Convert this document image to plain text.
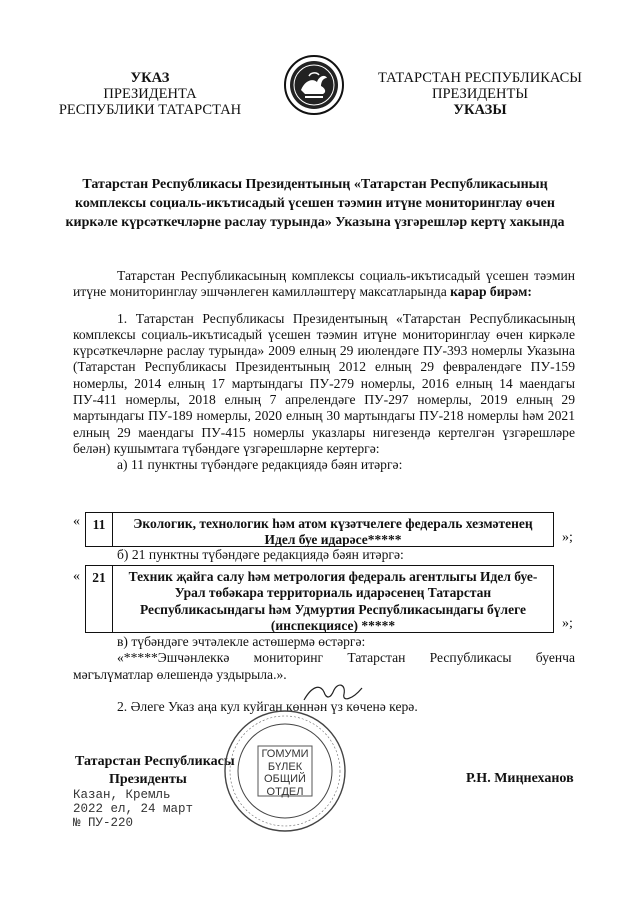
УКАЗ
ПРЕЗИДЕНТА
РЕСПУБЛИКИ ТАТАРСТАН
ТАТАРСТАН РЕСПУБЛИКАСЫ
ПРЕЗИДЕНТЫ
УКАЗЫ
Татарстан Республикасы Президентының «Татарстан Республикасының комплексы социаль-икътисадый үсешен тәэмин итүне мониторинглау өчен киркәле күрсәткечләрне раслау турында» Указына үзгәрешләр кертү хакында

Татарстан Республикасының комплексы социаль-икътисадый үсешен тәэмин итүне мониторинглау эшчәнлеген камилләштерү максатларында карар бирәм:

1. Татарстан Республикасы Президентының «Татарстан Республикасының комплексы социаль-икътисадый үсешен тәэмин итүне мониторинглау өчен киркәле күрсәткечләрне раслау турында» 2009 елның 29 июлендәге ПУ-393 номерлы Указына (Татарстан Республикасы Президентының 2012 елның 29 февралендәге ПУ-159 номерлы, 2014 елның 17 мартындагы ПУ-279 номерлы, 2016 елның 14 маендагы ПУ-411 номерлы, 2018 елның 7 апрелендәге ПУ-297 номерлы, 2019 елның 29 мартындагы ПУ-189 номерлы, 2020 елның 30 мартындагы ПУ-218 номерлы һәм 2021 елның 29 маендагы ПУ-415 номерлы указлары нигезендә кертелгән үзгәрешләре белән) кушымтага түбәндәге үзгәрешләрне кертергә:

а) 11 пунктны түбәндәге редакциядә бәян итәргә:

« 11	Экологик, технологик һәм атом күзәтчелеге федераль хезмәтенең Идел буе идарәсе*****	»;

б) 21 пунктны түбәндәге редакциядә бәян итәргә:

« 21	Техник җайга салу һәм метрология федераль агентлыгы Идел буе-Урал төбәкара территориаль идарәсенең Татарстан Республикасындагы һәм Удмуртия Республикасындагы бүлеге (инспекциясе) *****	»;

в) түбәндәге эчтәлекле астөшермә өстәргә:

«*****Эшчәнлеккә мониторинг Татарстан Республикасы буенча мәгълүматлар өлешендә уздырыла.».

2. Әлеге Указ аңа кул куйган көннән үз көченә керә.

Татарстан Республикасы
Президенты
ГОМУМИ
БҮЛЕК
ОБЩИЙ
ОТДЕЛ
Р.Н. Миңнеханов
Казан, Кремль
2022 ел, 24 март
№ ПУ-220
